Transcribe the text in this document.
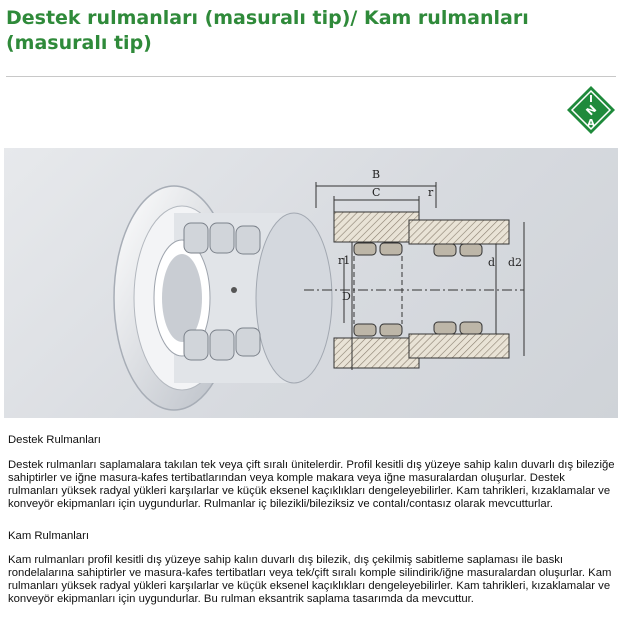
Destek rulmanları (masuralı tip)/ Kam rulmanları (masuralı tip)
I
N
A
B
C	r
r1
D
d d2
Destek Rulmanları
Destek rulmanları saplamalara takılan tek veya çift sıralı ünitelerdir. Profil kesitli dış yüzeye sahip kalın duvarlı dış bileziğe sahiptirler ve iğne masura-kafes tertibatlarından veya komple makara veya iğne masuralardan oluşurlar. Destek rulmanları yüksek radyal yükleri karşılarlar ve küçük eksenel kaçıklıkları dengeleyebilirler. Kam tahrikleri, kızaklamalar ve konveyör ekipmanları için uygundurlar. Rulmanlar iç bilezikli/bileziksiz ve contalı/contasız olarak mevcutturlar.
Kam Rulmanları
Kam rulmanları profil kesitli dış yüzeye sahip kalın duvarlı dış bilezik, dış çekilmiş sabitleme saplaması ile baskı rondelalarına sahiptirler ve masura-kafes tertibatları veya tek/çift sıralı komple silindirik/iğne masuralardan oluşurlar. Kam rulmanları yüksek radyal yükleri karşılarlar ve küçük eksenel kaçıklıkları dengeleyebilirler. Kam tahrikleri, kızaklamalar ve konveyör ekipmanları için uygundurlar. Bu rulman eksantrik saplama tasarımda da mevcuttur.
